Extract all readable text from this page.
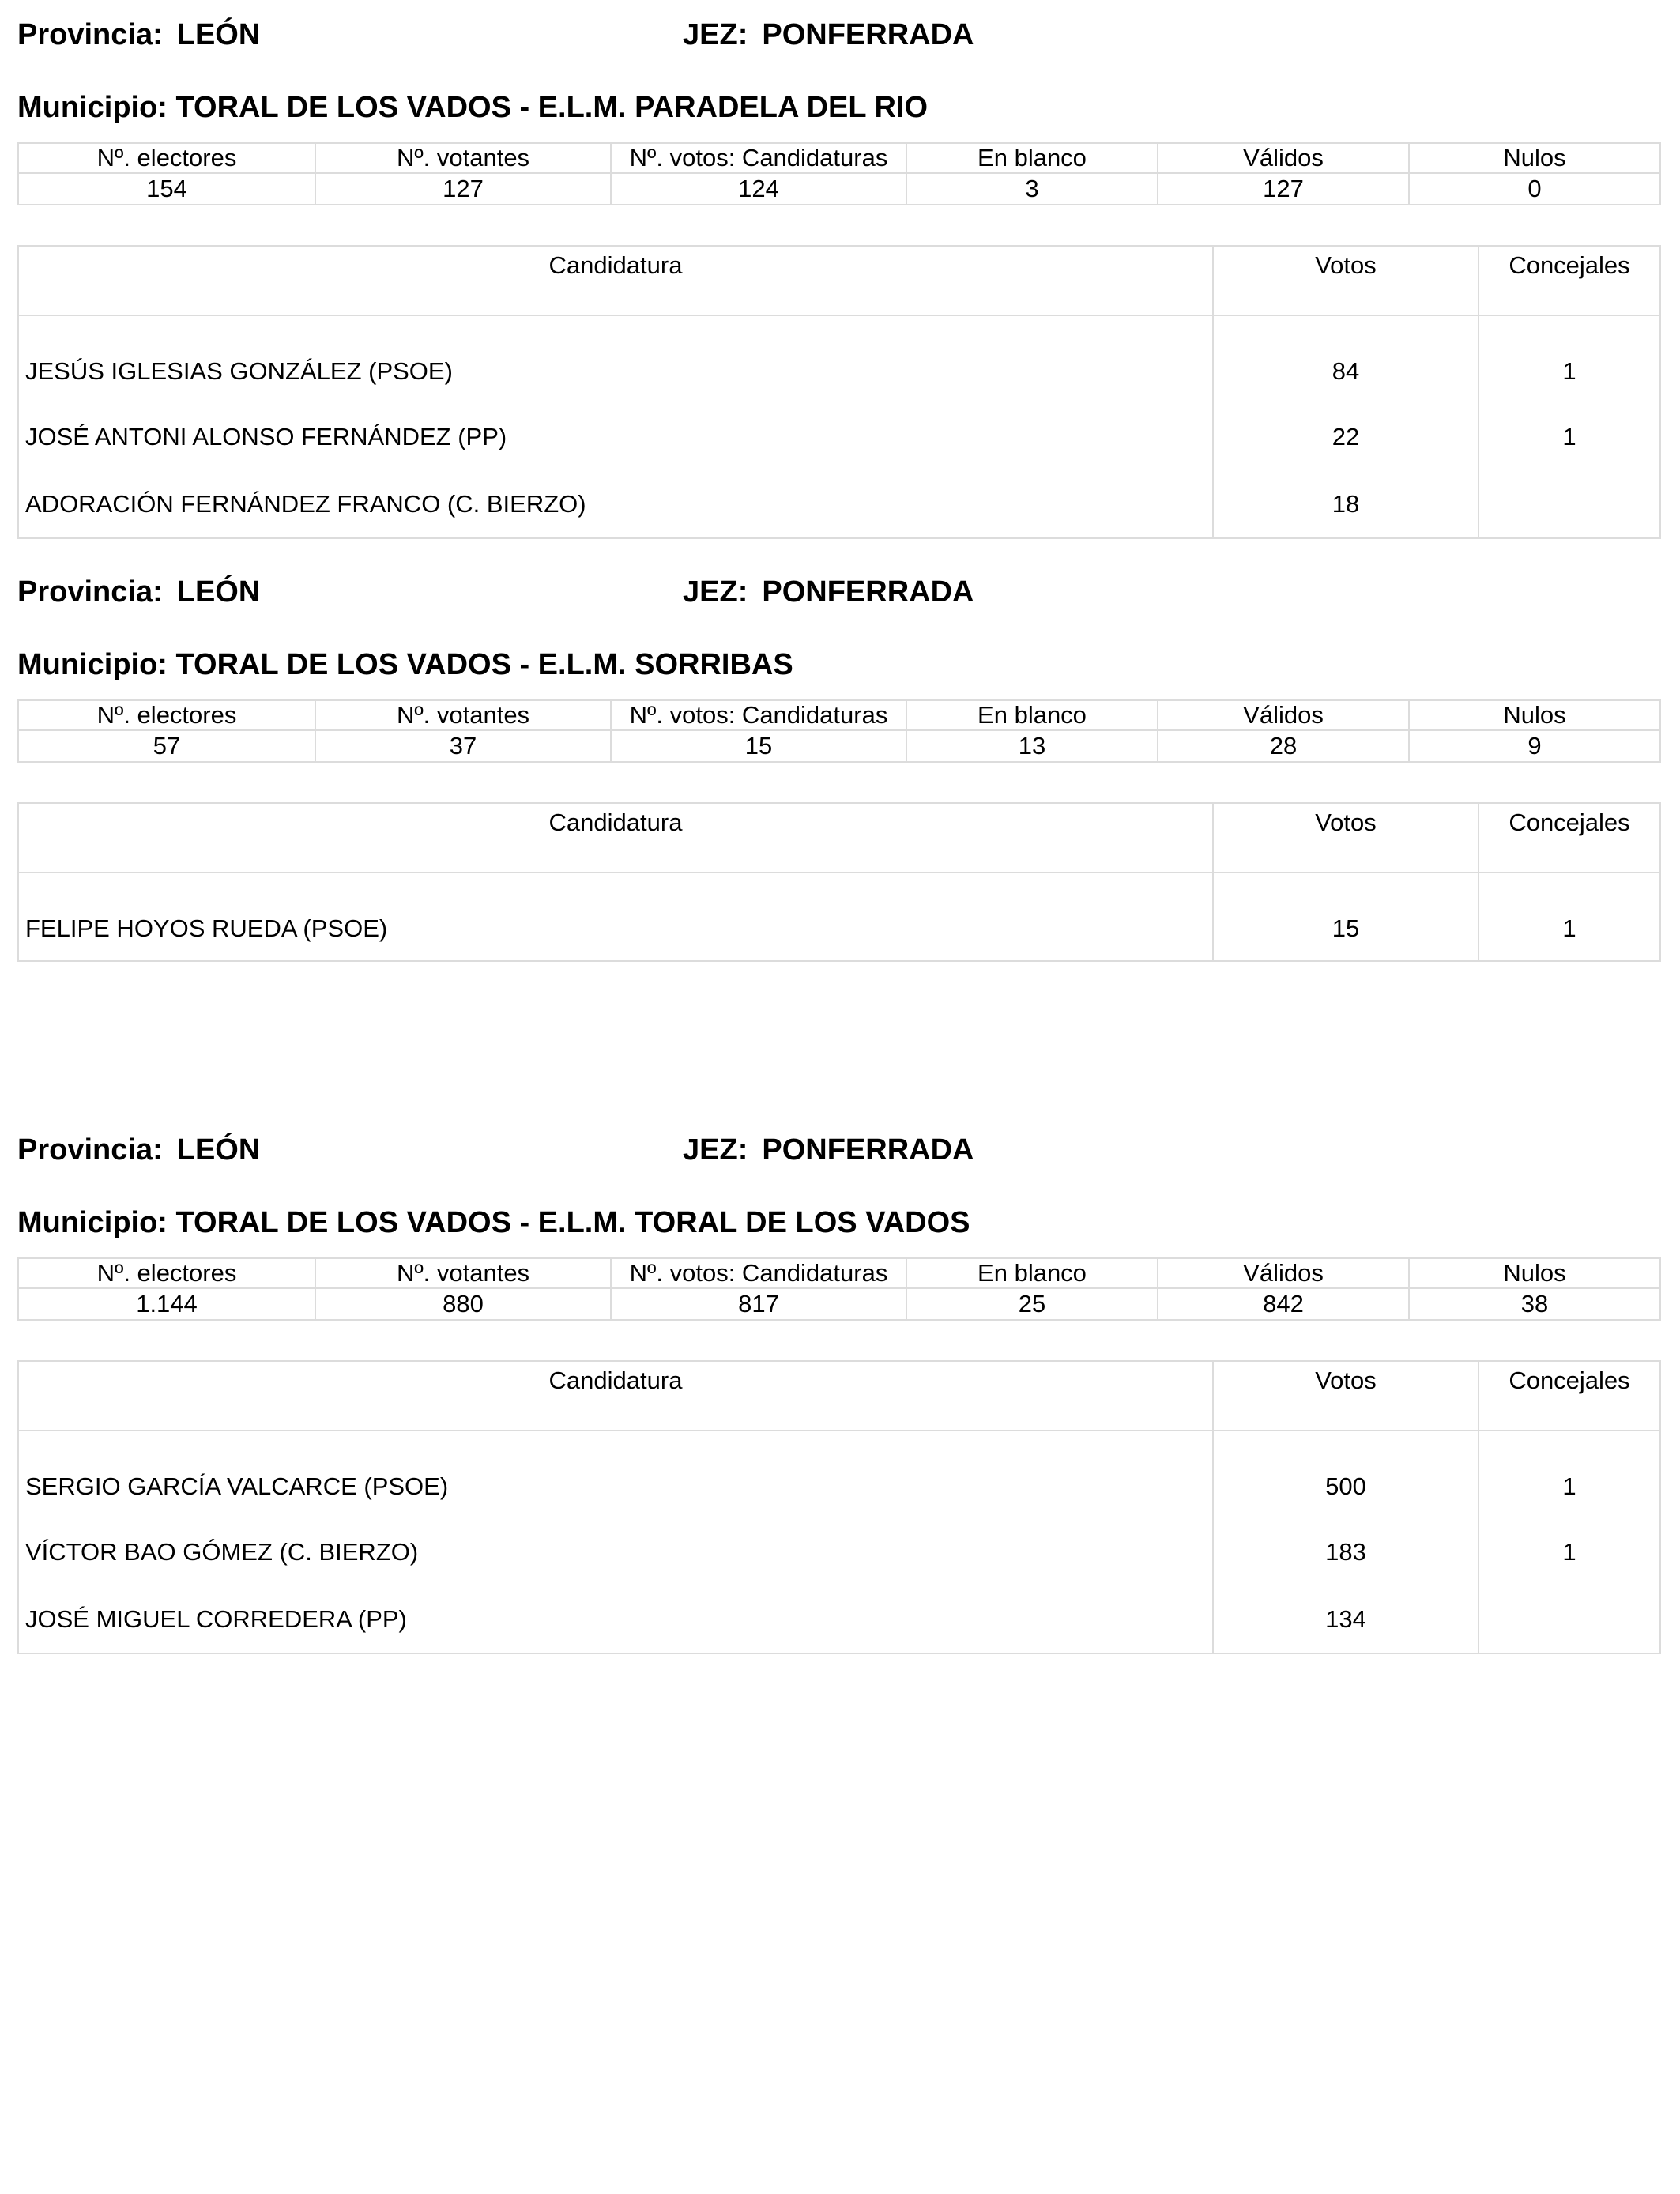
Provincia: LEÓN	JEZ: PONFERRADA
Municipio: TORAL DE LOS VADOS - E.L.M. PARADELA DEL RIO
Nº. electores	Nº. votantes	Nº. votos: Candidaturas	En blanco	Válidos	Nulos
154	127	124	3	127	0
Candidatura	Votos	Concejales
JESÚS IGLESIAS GONZÁLEZ (PSOE)	84	1
JOSÉ ANTONI ALONSO FERNÁNDEZ (PP)	22	1
ADORACIÓN FERNÁNDEZ FRANCO (C. BIERZO)	18	
Provincia: LEÓN	JEZ: PONFERRADA
Municipio: TORAL DE LOS VADOS - E.L.M. SORRIBAS
Nº. electores	Nº. votantes	Nº. votos: Candidaturas	En blanco	Válidos	Nulos
57	37	15	13	28	9
Candidatura	Votos	Concejales
FELIPE HOYOS RUEDA (PSOE)	15	1
Provincia: LEÓN	JEZ: PONFERRADA
Municipio: TORAL DE LOS VADOS - E.L.M. TORAL DE LOS VADOS
Nº. electores	Nº. votantes	Nº. votos: Candidaturas	En blanco	Válidos	Nulos
1.144	880	817	25	842	38
Candidatura	Votos	Concejales
SERGIO GARCÍA VALCARCE (PSOE)	500	1
VÍCTOR BAO GÓMEZ (C. BIERZO)	183	1
JOSÉ MIGUEL CORREDERA (PP)	134	
